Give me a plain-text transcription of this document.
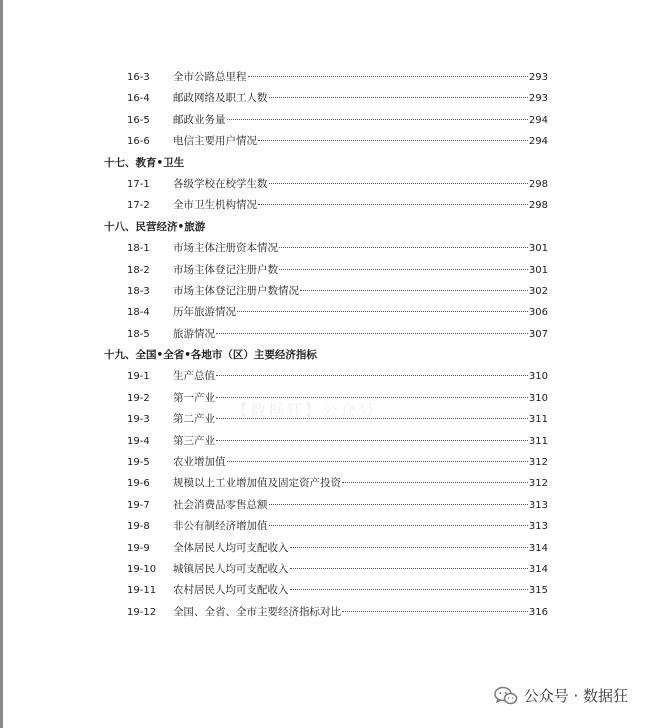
16-3	全市公路总里程	293
16-4	邮政网络及职工人数	293
16-5	邮政业务量	294
16-6	电信主要用户情况	294
十七、教育•卫生
17-1	各级学校在校学生数	298
17-2	全市卫生机构情况	298
十八、民营经济•旅游
18-1	市场主体注册资本情况	301
18-2	市场主体登记注册户数	301
18-3	市场主体登记注册户数情况	302
18-4	历年旅游情况	306
18-5	旅游情况	307
十九、全国•全省•各地市（区）主要经济指标
19-1	生产总值	310
19-2	第一产业	310
19-3	第二产业	311
19-4	第三产业	311
19-5	农业增加值	312
19-6	规模以上工业增加值及固定资产投资	312
19-7	社会消费品零售总额	313
19-8	非公有制经济增加值	313
19-9	全体居民人均可支配收入	314
19-10	城镇居民人均可支配收入	314
19-11	农村居民人均可支配收入	315
19-12	全国、全省、全市主要经济指标对比	316
【数据狂】公众号
公众号 · 数据狂
